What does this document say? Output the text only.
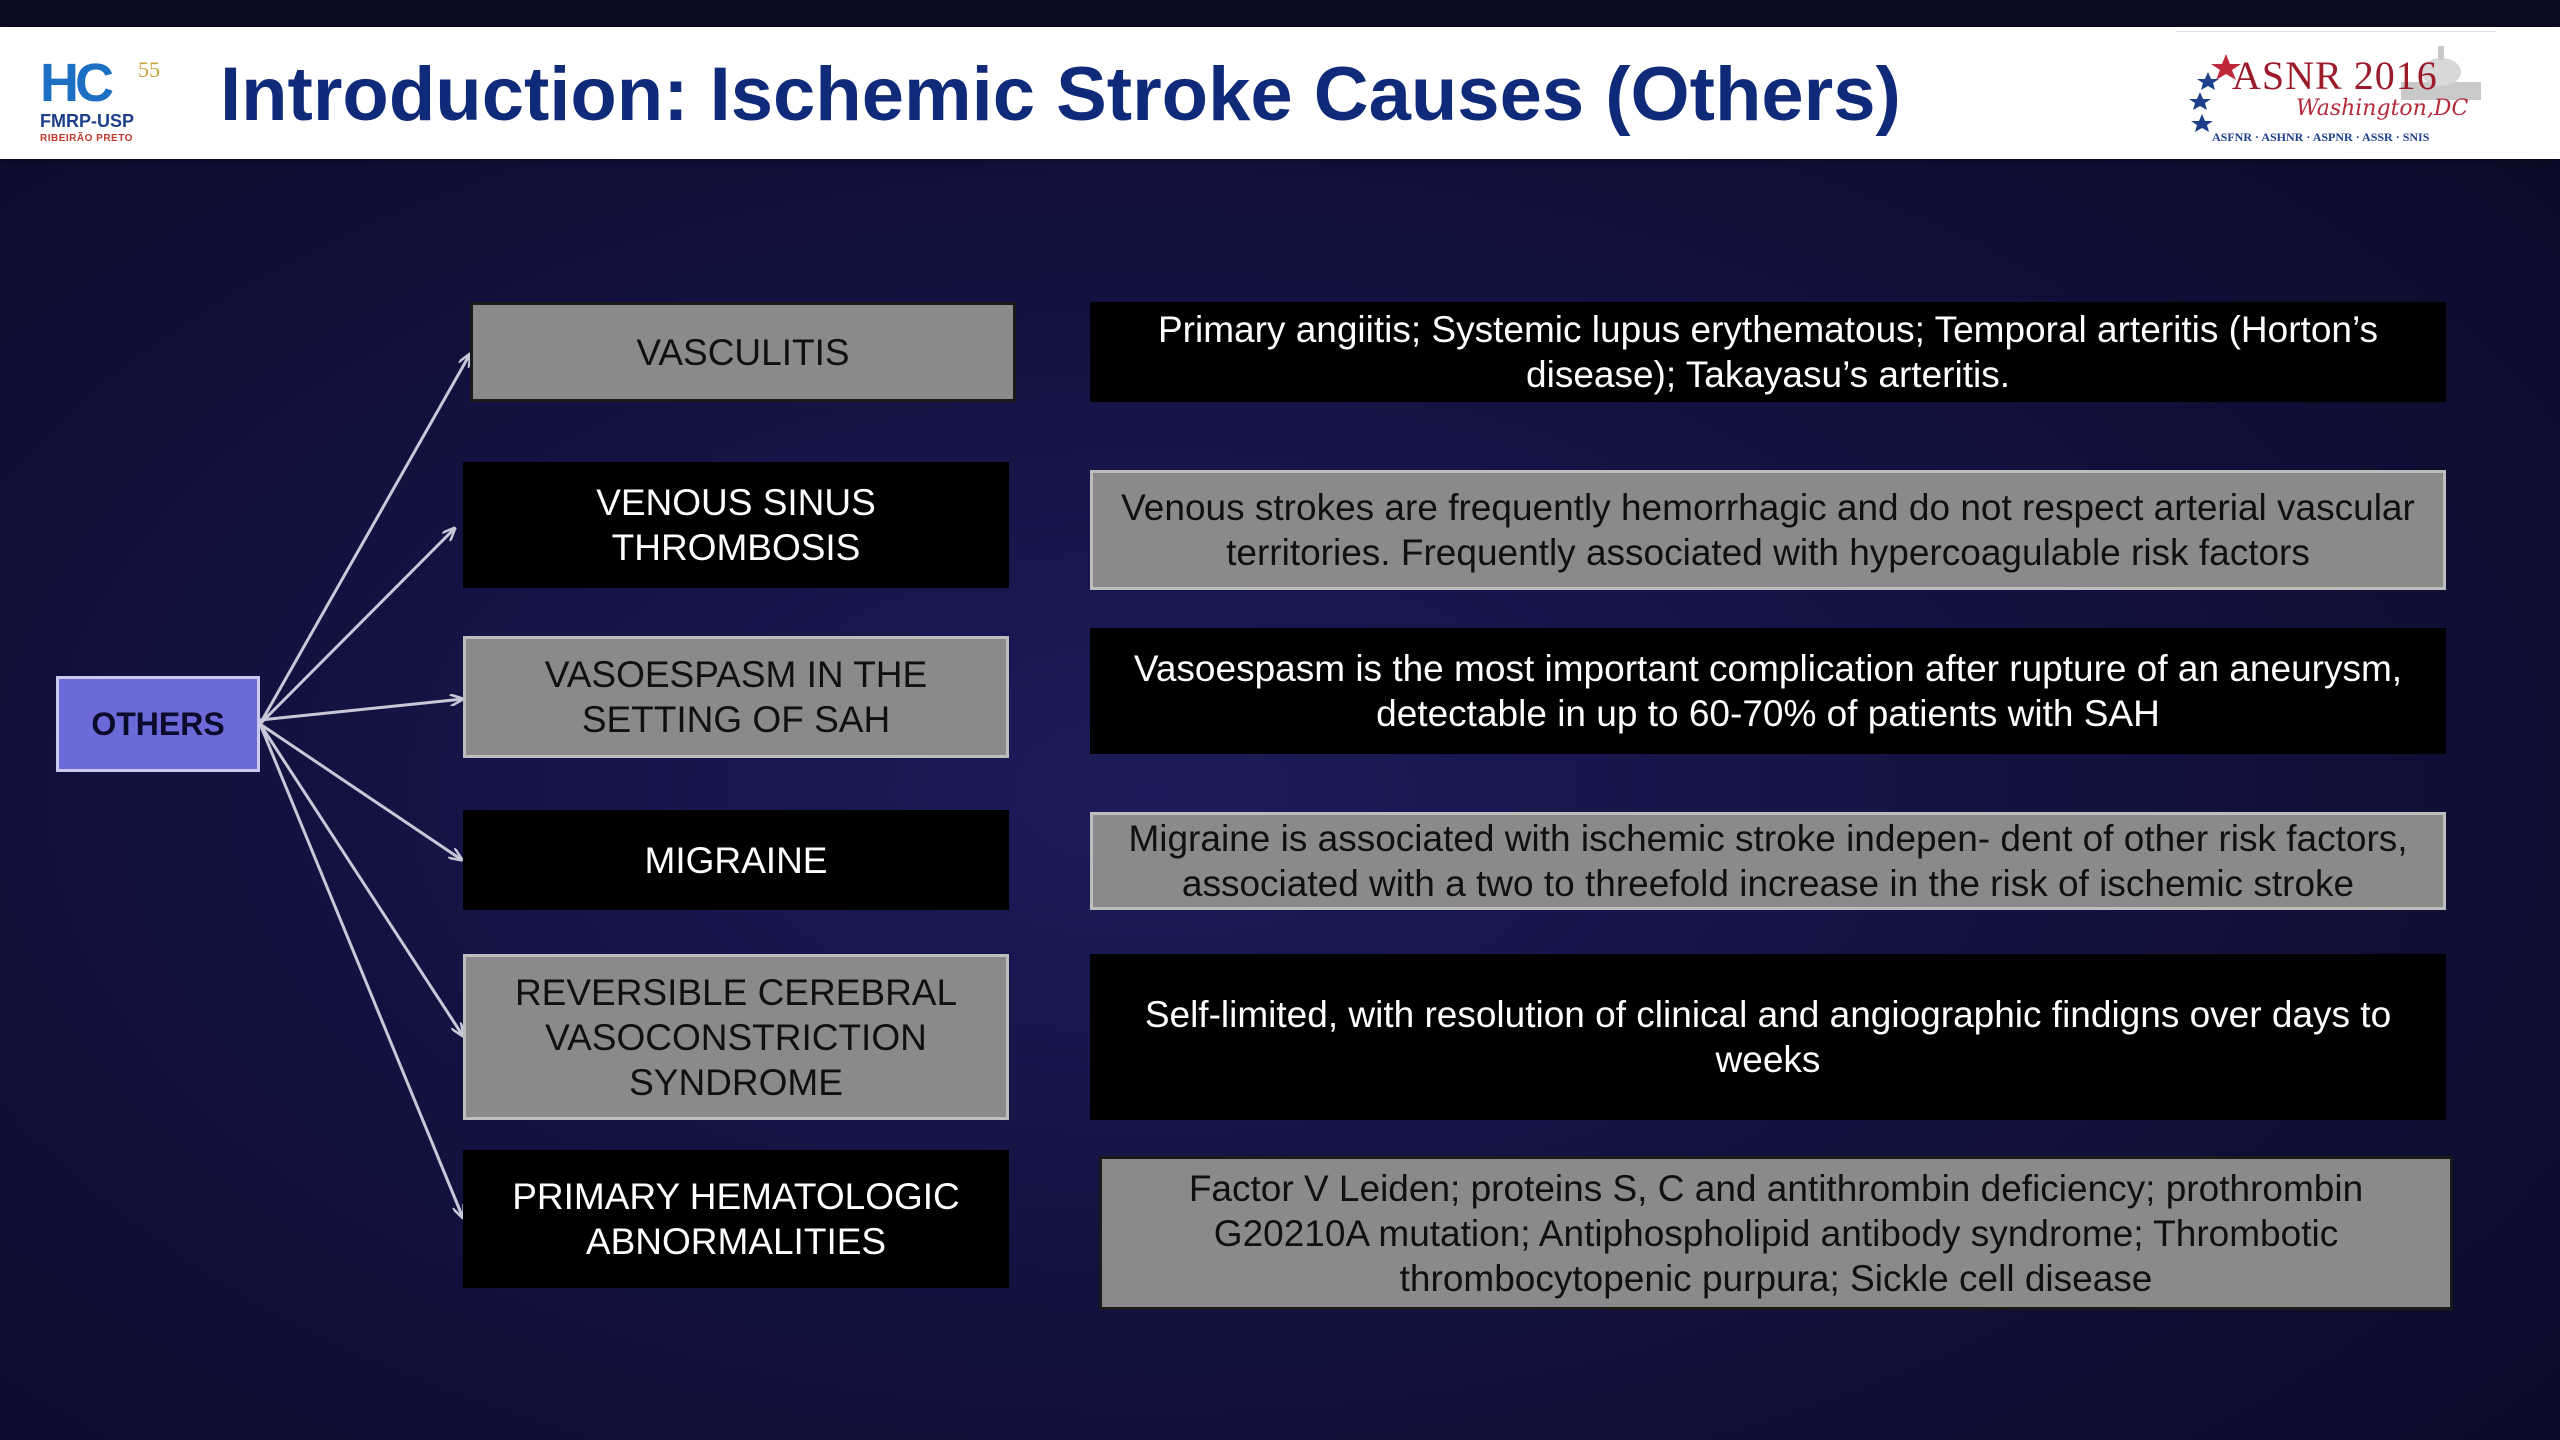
HC 55
FMRP-USP
RIBEIRÃO PRETO
Introduction: Ischemic Stroke Causes (Others)	ASNR 2016
Washington,DC
ASFNR · ASHNR · ASPNR · ASSR · SNIS
OTHERS
VASCULITIS
VENOUS SINUS THROMBOSIS
VASOESPASM IN THE SETTING OF SAH
MIGRAINE
REVERSIBLE CEREBRAL VASOCONSTRICTION SYNDROME
PRIMARY HEMATOLOGIC ABNORMALITIES
Primary angiitis; Systemic lupus erythematous; Temporal arteritis (Horton’s disease); Takayasu’s arteritis.
Venous strokes are frequently hemorrhagic and do not respect arterial vascular territories. Frequently associated with hypercoagulable risk factors
Vasoespasm is the most important complication after rupture of an aneurysm, detectable in up to 60-70% of patients with SAH
Migraine is associated with ischemic stroke indepen- dent of other risk factors, associated with a two to threefold increase in the risk of ischemic stroke
Self-limited, with resolution of clinical and angiographic findigns over days to weeks
Factor V Leiden; proteins S, C and antithrombin deficiency; prothrombin G20210A mutation; Antiphospholipid antibody syndrome; Thrombotic thrombocytopenic purpura; Sickle cell disease
